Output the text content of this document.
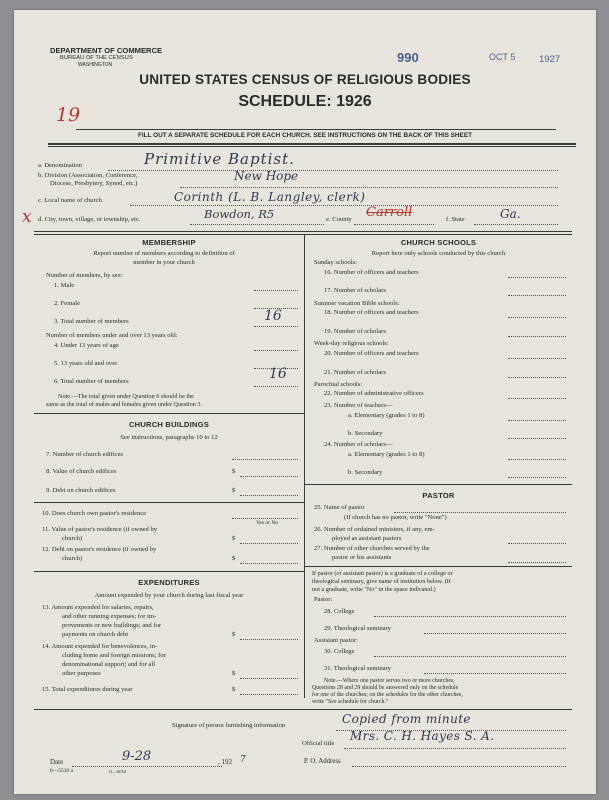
DEPARTMENT OF COMMERCE
BUREAU OF THE CENSUS
WASHINGTON	990	OCT 5 1927
UNITED STATES CENSUS OF RELIGIOUS BODIES
SCHEDULE: 1926
19
FILL OUT A SEPARATE SCHEDULE FOR EACH CHURCH. SEE INSTRUCTIONS ON THE BACK OF THIS SHEET
a. Denomination	Primitive Baptist.
b. Division (Association, Conference,
Diocese, Presbytery, Synod, etc.)
New Hope
c. Local name of church	Corinth (L. B. Langley, clerk)
x d. City, town, village, or township, etc.	Bowdon, R5	e. County Carroll	f. State	Ga.
MEMBERSHIP
Report number of members according to definition of
member in your church
Number of members, by sex:
1. Male
2. Female
3. Total number of members	16
Number of members under and over 13 years old:
4. Under 13 years of age
5. 13 years old and over
6. Total number of members	16
Note.—The total given under Question 6 should be the
same as the total of males and females given under Question 3.
CHURCH BUILDINGS
See instructions, paragraphs 10 to 12
7. Number of church edifices
8. Value of church edifices	$
9. Debt on church edifices	$
10. Does church own pastor's residence
Yes or No
11. Value of pastor's residence (if owned by
church)	$
12. Debt on pastor's residence (if owned by
church)	$
EXPENDITURES
Amount expended by your church during last fiscal year
13. Amount expended for salaries, repairs,
and other running expenses; for im-
provements or new buildings; and for
payments on church debt	$
14. Amount expended for benevolences, in-
cluding home and foreign missions; for
denominational support; and for all
other purposes	$
15. Total expenditures during year	$
CHURCH SCHOOLS
Report here only schools conducted by this church
Sunday schools:
16. Number of officers and teachers
17. Number of scholars
Summer vacation Bible schools:
18. Number of officers and teachers
19. Number of scholars
Week-day religious schools:
20. Number of officers and teachers
21. Number of scholars
Parochial schools:
22. Number of administrative officers
23. Number of teachers—
a. Elementary (grades 1 to 8)
b. Secondary
24. Number of scholars—
a. Elementary (grades 1 to 8)
b. Secondary
PASTOR
25. Name of pastor
(If church has no pastor, write "None")
26. Number of ordained ministers, if any, em-
ployed as assistant pastors
27. Number of other churches served by the
pastor or his assistants
If pastor (or assistant pastor) is a graduate of a college or
theological seminary, give name of institution below. (If
not a graduate, write "No" in the space indicated.)
Pastor:
28. College
29. Theological seminary
Assistant pastor:
30. College
31. Theological seminary
Note.—Where one pastor serves two or more churches,
Questions 28 and 29 should be answered only on the schedule
for one of the churches; on the schedules for the other churches,
write "See schedule for church."
Signature of person furnishing information	Copied from minute
Official title
Mrs. C. H. Hayes S. A.
Date	9-28	, 192 7	P. O. Address
6—5510 a	11—6054
